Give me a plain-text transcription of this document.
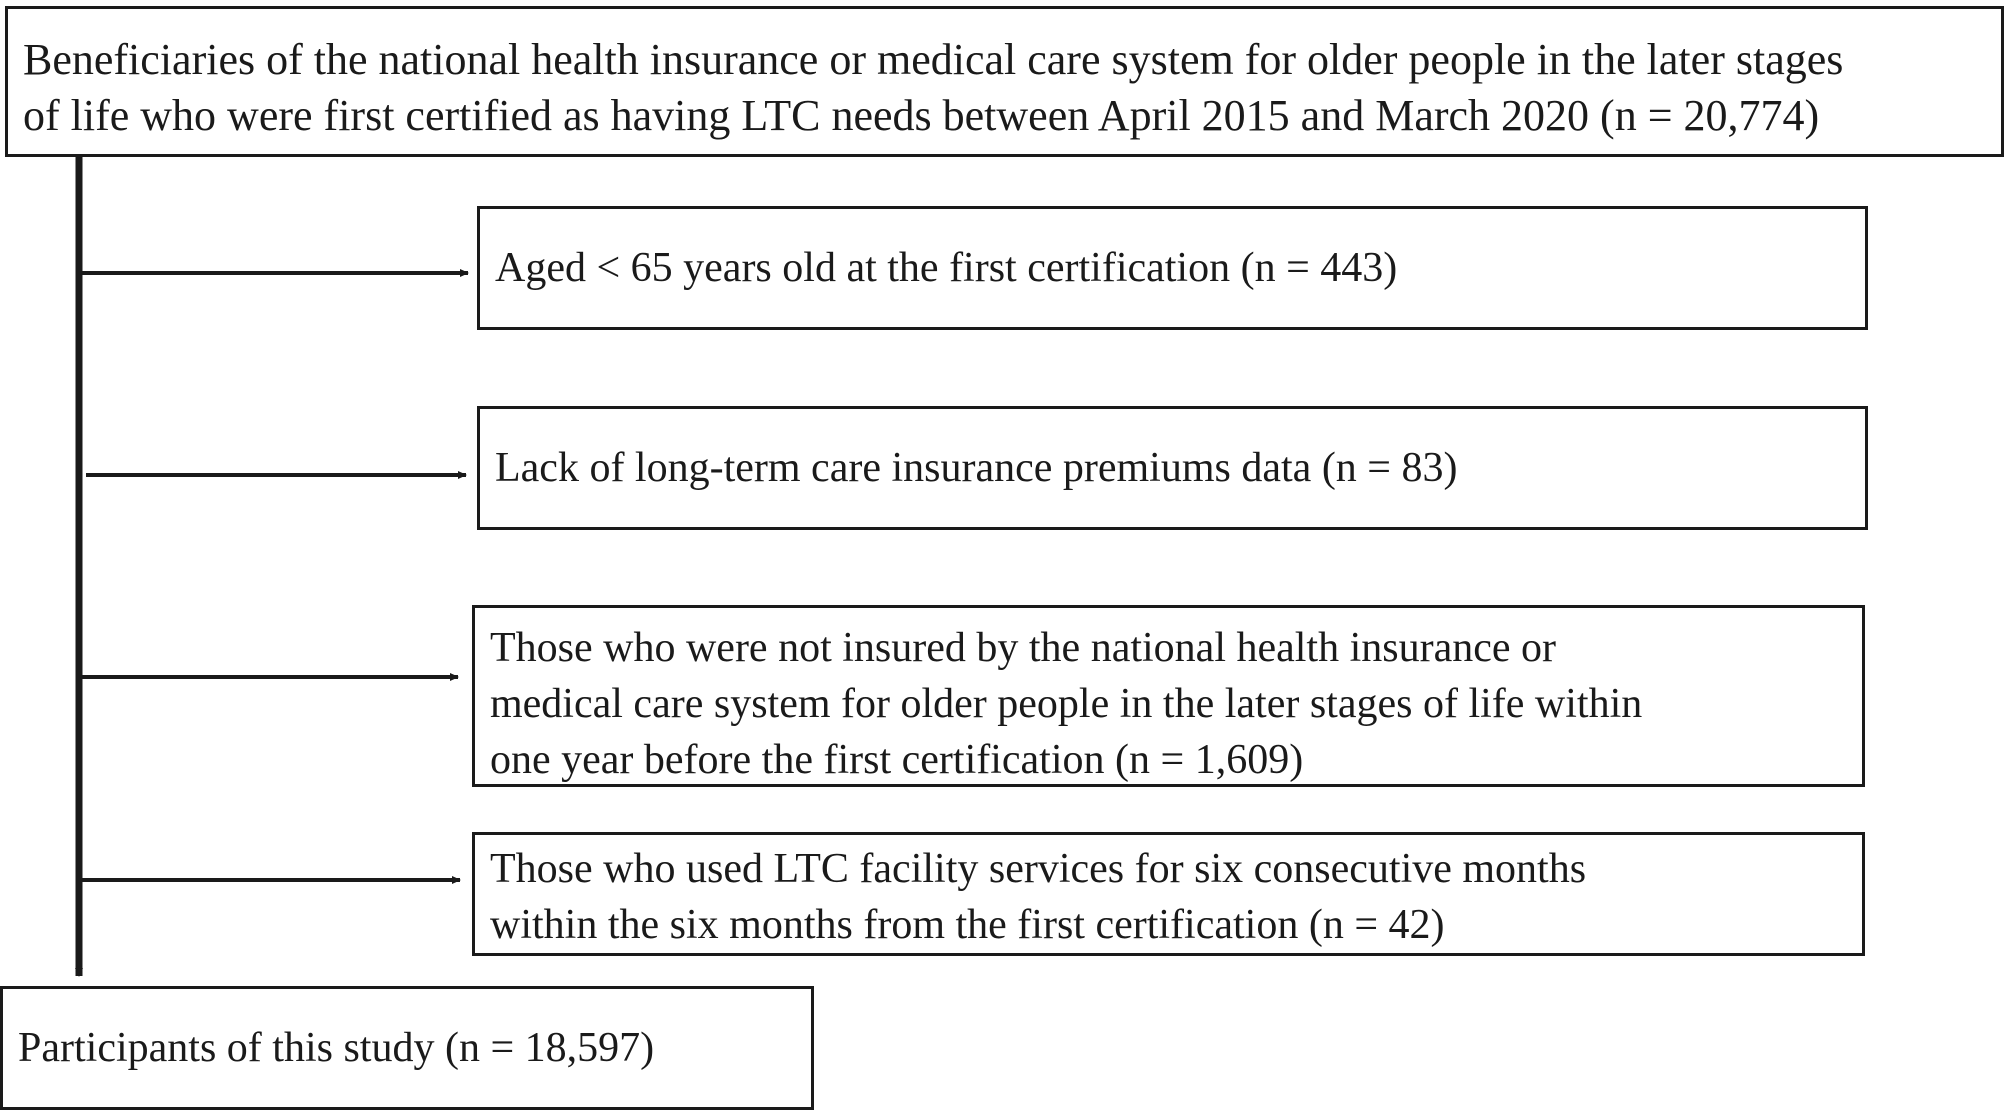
Beneficiaries of the national health insurance or medical care system for older people in the later stages
of life who were first certified as having LTC needs between April 2015 and March 2020 (n = 20,774)
Aged < 65 years old at the first certification (n = 443)
Lack of long-term care insurance premiums data (n = 83)
Those who were not insured by the national health insurance or
medical care system for older people in the later stages of life within
one year before the first certification (n = 1,609)
Those who used LTC facility services for six consecutive months
within the six months from the first certification (n = 42)
Participants of this study (n = 18,597)
